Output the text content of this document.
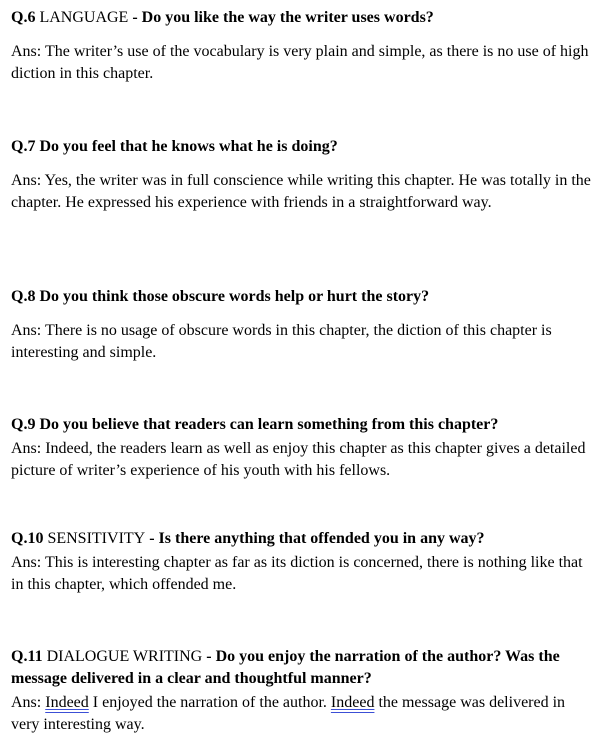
Q.6 LANGUAGE - Do you like the way the writer uses words?

Ans: The writer’s use of the vocabulary is very plain and simple, as there is no use of high diction in this chapter.

Q.7 Do you feel that he knows what he is doing?

Ans: Yes, the writer was in full conscience while writing this chapter. He was totally in the chapter. He expressed his experience with friends in a straightforward way.

Q.8 Do you think those obscure words help or hurt the story?

Ans: There is no usage of obscure words in this chapter, the diction of this chapter is interesting and simple.

Q.9 Do you believe that readers can learn something from this chapter?

Ans: Indeed, the readers learn as well as enjoy this chapter as this chapter gives a detailed picture of writer’s experience of his youth with his fellows.

Q.10 SENSITIVITY - Is there anything that offended you in any way?

Ans: This is interesting chapter as far as its diction is concerned, there is nothing like that in this chapter, which offended me.

Q.11 DIALOGUE WRITING - Do you enjoy the narration of the author? Was the message delivered in a clear and thoughtful manner?

Ans: Indeed I enjoyed the narration of the author. Indeed the message was delivered in very interesting way.
